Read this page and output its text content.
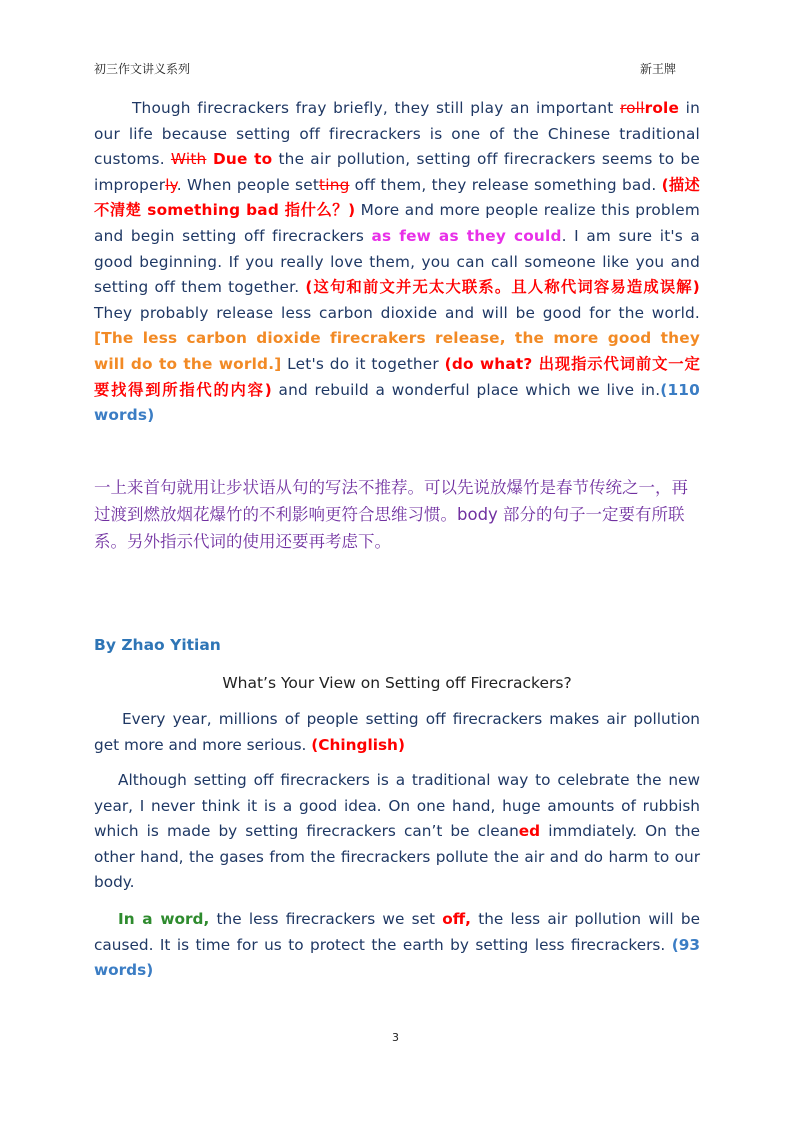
初三作文讲义系列	新王牌
Though firecrackers fray briefly, they still play an important rollrole in our life because setting off firecrackers is one of the Chinese traditional customs. With Due to the air pollution, setting off firecrackers seems to be improperly. When people setting off them, they release something bad. (描述不清楚 something bad 指什么？) More and more people realize this problem and begin setting off firecrackers as few as they could. I am sure it's a good beginning. If you really love them, you can call someone like you and setting off them together. (这句和前文并无太大联系。且人称代词容易造成误解) They probably release less carbon dioxide and will be good for the world. [The less carbon dioxide firecrakers release, the more good they will do to the world.] Let's do it together (do what? 出现指示代词前文一定要找得到所指代的内容) and rebuild a wonderful place which we live in.(110 words)
一上来首句就用让步状语从句的写法不推荐。可以先说放爆竹是春节传统之一，再过渡到燃放烟花爆竹的不利影响更符合思维习惯。body 部分的句子一定要有所联系。另外指示代词的使用还要再考虑下。
By Zhao Yitian
What’s Your View on Setting off Firecrackers?
Every year, millions of people setting off firecrackers makes air pollution get more and more serious. (Chinglish)
Although setting off firecrackers is a traditional way to celebrate the new year, I never think it is a good idea. On one hand, huge amounts of rubbish which is made by setting firecrackers can’t be cleaned immdiately. On the other hand, the gases from the firecrackers pollute the air and do harm to our body.
In a word, the less firecrackers we set off, the less air pollution will be caused. It is time for us to protect the earth by setting less firecrackers. (93 words)
3
